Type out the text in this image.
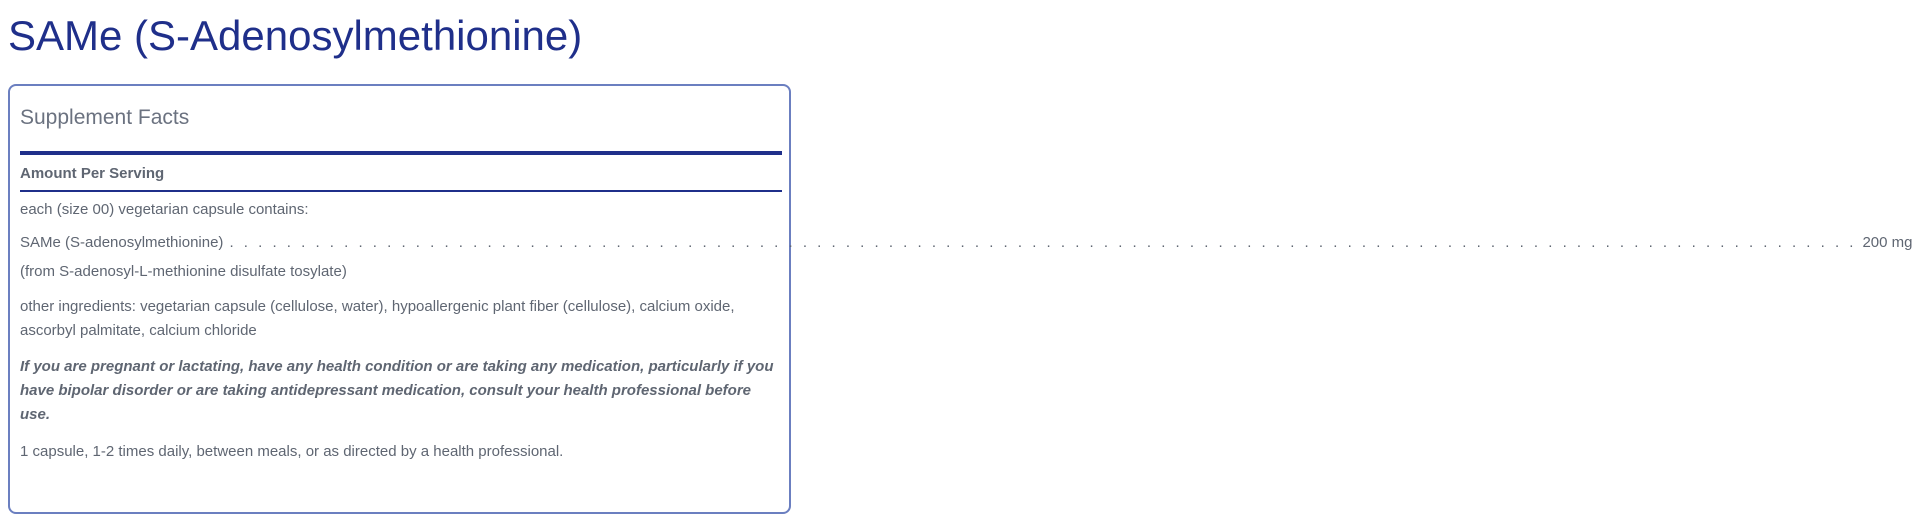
SAMe (S-Adenosylmethionine)
Supplement Facts
Amount Per Serving
each (size 00) vegetarian capsule contains:
SAMe (S-adenosylmethionine) . . . . . . . . . . . . . . . . . . . . . . . . . . . . . . . . . . . . . . . . . . . . . . . . . . . . . . . . . . . . . . . . . . . . . . . . . . . . . . . . . . . . . . . . . . . . . . . . . . . . . . . . . . . . . . . . . . 200 mg
(from S-adenosyl-L-methionine disulfate tosylate)
other ingredients: vegetarian capsule (cellulose, water), hypoallergenic plant fiber (cellulose), calcium oxide, ascorbyl palmitate, calcium chloride
If you are pregnant or lactating, have any health condition or are taking any medication, particularly if you have bipolar disorder or are taking antidepressant medication, consult your health professional before use.
1 capsule, 1-2 times daily, between meals, or as directed by a health professional.
